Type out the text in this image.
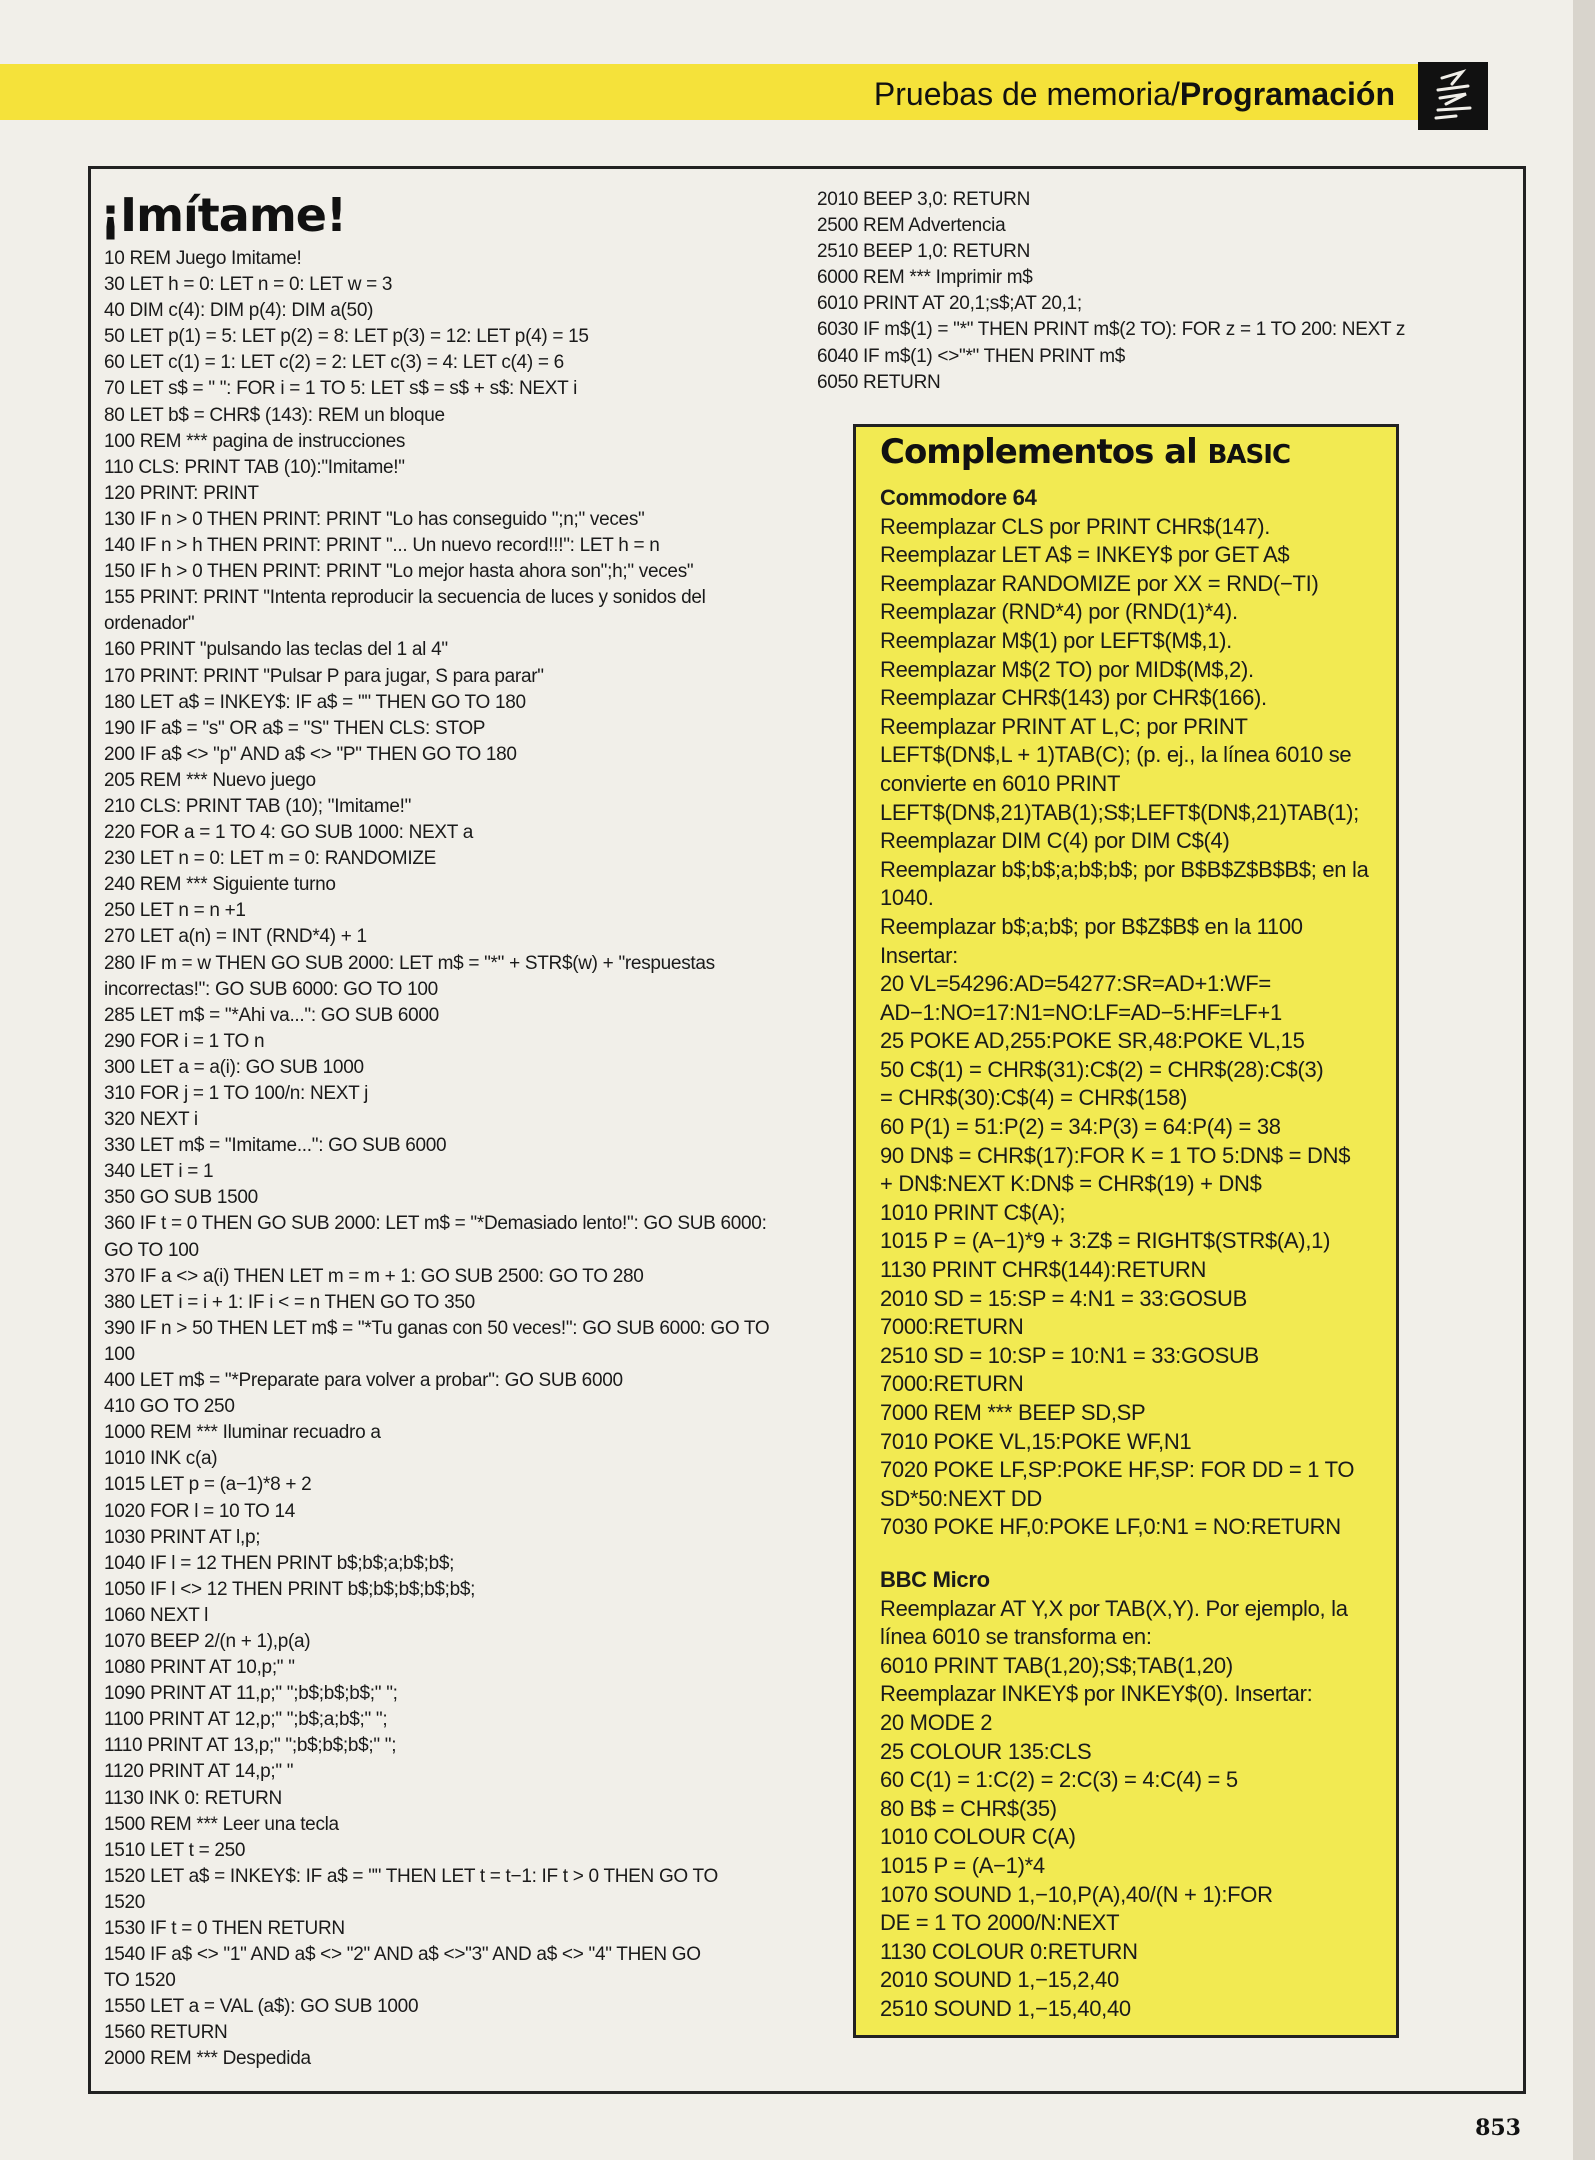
Pruebas de memoria/Programación
¡Imítame!
10 REM Juego Imitame!
30 LET h = 0: LET n = 0: LET w = 3
40 DIM c(4): DIM p(4): DIM a(50)
50 LET p(1) = 5: LET p(2) = 8: LET p(3) = 12: LET p(4) = 15
60 LET c(1) = 1: LET c(2) = 2: LET c(3) = 4: LET c(4) = 6
70 LET s$ = " ": FOR i = 1 TO 5: LET s$ = s$ + s$: NEXT i
80 LET b$ = CHR$ (143): REM un bloque
100 REM *** pagina de instrucciones
110 CLS: PRINT TAB (10):"Imitame!"
120 PRINT: PRINT
130 IF n > 0 THEN PRINT: PRINT "Lo has conseguido ";n;" veces"
140 IF n > h THEN PRINT: PRINT "... Un nuevo record!!!": LET h = n
150 IF h > 0 THEN PRINT: PRINT "Lo mejor hasta ahora son";h;" veces"
155 PRINT: PRINT "Intenta reproducir la secuencia de luces y sonidos del
ordenador"
160 PRINT "pulsando las teclas del 1 al 4"
170 PRINT: PRINT "Pulsar P para jugar, S para parar"
180 LET a$ = INKEY$: IF a$ = "" THEN GO TO 180
190 IF a$ = "s" OR a$ = "S" THEN CLS: STOP
200 IF a$ <> "p" AND a$ <> "P" THEN GO TO 180
205 REM *** Nuevo juego
210 CLS: PRINT TAB (10); "Imitame!"
220 FOR a = 1 TO 4: GO SUB 1000: NEXT a
230 LET n = 0: LET m = 0: RANDOMIZE
240 REM *** Siguiente turno
250 LET n = n +1
270 LET a(n) = INT (RND*4) + 1
280 IF m = w THEN GO SUB 2000: LET m$ = "*" + STR$(w) + "respuestas
incorrectas!": GO SUB 6000: GO TO 100
285 LET m$ = "*Ahi va...": GO SUB 6000
290 FOR i = 1 TO n
300 LET a = a(i): GO SUB 1000
310 FOR j = 1 TO 100/n: NEXT j
320 NEXT i
330 LET m$ = "Imitame...": GO SUB 6000
340 LET i = 1
350 GO SUB 1500
360 IF t = 0 THEN GO SUB 2000: LET m$ = "*Demasiado lento!": GO SUB 6000:
GO TO 100
370 IF a <> a(i) THEN LET m = m + 1: GO SUB 2500: GO TO 280
380 LET i = i + 1: IF i < = n THEN GO TO 350
390 IF n > 50 THEN LET m$ = "*Tu ganas con 50 veces!": GO SUB 6000: GO TO
100
400 LET m$ = "*Preparate para volver a probar": GO SUB 6000
410 GO TO 250
1000 REM *** Iluminar recuadro a
1010 INK c(a)
1015 LET p = (a−1)*8 + 2
1020 FOR l = 10 TO 14
1030 PRINT AT l,p;
1040 IF l = 12 THEN PRINT b$;b$;a;b$;b$;
1050 IF l <> 12 THEN PRINT b$;b$;b$;b$;b$;
1060 NEXT l
1070 BEEP 2/(n + 1),p(a)
1080 PRINT AT 10,p;" "
1090 PRINT AT 11,p;" ";b$;b$;b$;" ";
1100 PRINT AT 12,p;" ";b$;a;b$;" ";
1110 PRINT AT 13,p;" ";b$;b$;b$;" ";
1120 PRINT AT 14,p;" "
1130 INK 0: RETURN
1500 REM *** Leer una tecla
1510 LET t = 250
1520 LET a$ = INKEY$: IF a$ = "" THEN LET t = t−1: IF t > 0 THEN GO TO
1520
1530 IF t = 0 THEN RETURN
1540 IF a$ <> "1" AND a$ <> "2" AND a$ <>"3" AND a$ <> "4" THEN GO
TO 1520
1550 LET a = VAL (a$): GO SUB 1000
1560 RETURN
2000 REM *** Despedida
2010 BEEP 3,0: RETURN
2500 REM Advertencia
2510 BEEP 1,0: RETURN
6000 REM *** Imprimir m$
6010 PRINT AT 20,1;s$;AT 20,1;
6030 IF m$(1) = "*" THEN PRINT m$(2 TO): FOR z = 1 TO 200: NEXT z
6040 IF m$(1) <>"*" THEN PRINT m$
6050 RETURN
Complementos al BASIC
Commodore 64
Reemplazar CLS por PRINT CHR$(147).
Reemplazar LET A$ = INKEY$ por GET A$
Reemplazar RANDOMIZE por XX = RND(−TI)
Reemplazar (RND*4) por (RND(1)*4).
Reemplazar M$(1) por LEFT$(M$,1).
Reemplazar M$(2 TO) por MID$(M$,2).
Reemplazar CHR$(143) por CHR$(166).
Reemplazar PRINT AT L,C; por PRINT
LEFT$(DN$,L + 1)TAB(C); (p. ej., la línea 6010 se
convierte en 6010 PRINT
LEFT$(DN$,21)TAB(1);S$;LEFT$(DN$,21)TAB(1);
Reemplazar DIM C(4) por DIM C$(4)
Reemplazar b$;b$;a;b$;b$; por B$B$Z$B$B$; en la
1040.
Reemplazar b$;a;b$; por B$Z$B$ en la 1100
Insertar:
20 VL=54296:AD=54277:SR=AD+1:WF=
AD−1:NO=17:N1=NO:LF=AD−5:HF=LF+1
25 POKE AD,255:POKE SR,48:POKE VL,15
50 C$(1) = CHR$(31):C$(2) = CHR$(28):C$(3)
= CHR$(30):C$(4) = CHR$(158)
60 P(1) = 51:P(2) = 34:P(3) = 64:P(4) = 38
90 DN$ = CHR$(17):FOR K = 1 TO 5:DN$ = DN$
+ DN$:NEXT K:DN$ = CHR$(19) + DN$
1010 PRINT C$(A);
1015 P = (A−1)*9 + 3:Z$ = RIGHT$(STR$(A),1)
1130 PRINT CHR$(144):RETURN
2010 SD = 15:SP = 4:N1 = 33:GOSUB
7000:RETURN
2510 SD = 10:SP = 10:N1 = 33:GOSUB
7000:RETURN
7000 REM *** BEEP SD,SP
7010 POKE VL,15:POKE WF,N1
7020 POKE LF,SP:POKE HF,SP: FOR DD = 1 TO
SD*50:NEXT DD
7030 POKE HF,0:POKE LF,0:N1 = NO:RETURN
BBC Micro
Reemplazar AT Y,X por TAB(X,Y). Por ejemplo, la
línea 6010 se transforma en:
6010 PRINT TAB(1,20);S$;TAB(1,20)
Reemplazar INKEY$ por INKEY$(0). Insertar:
20 MODE 2
25 COLOUR 135:CLS
60 C(1) = 1:C(2) = 2:C(3) = 4:C(4) = 5
80 B$ = CHR$(35)
1010 COLOUR C(A)
1015 P = (A−1)*4
1070 SOUND 1,−10,P(A),40/(N + 1):FOR
DE = 1 TO 2000/N:NEXT
1130 COLOUR 0:RETURN
2010 SOUND 1,−15,2,40
2510 SOUND 1,−15,40,40
853
